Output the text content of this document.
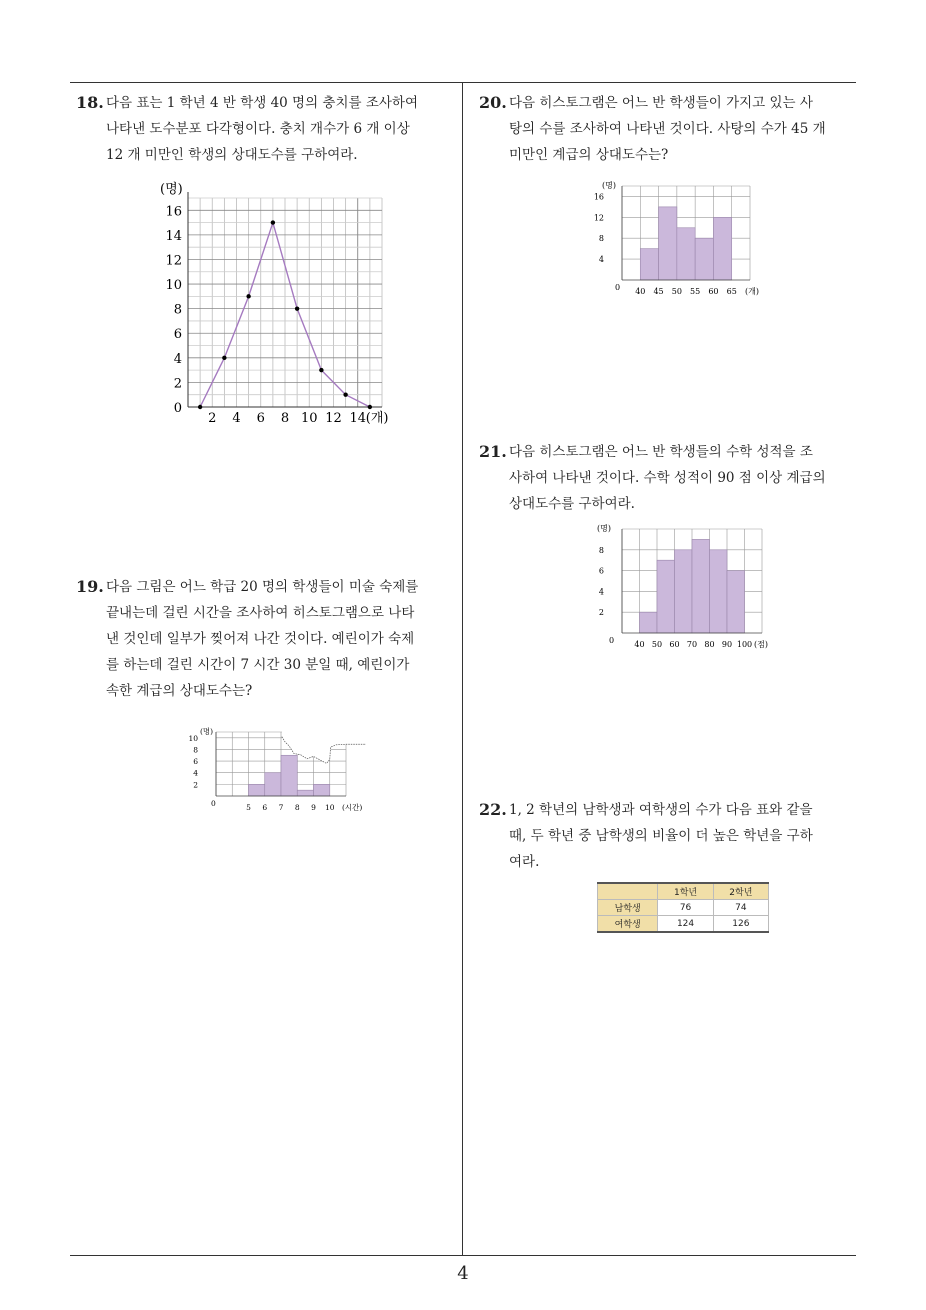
18. 다음 표는 1 학년 4 반 학생 40 명의 충치를 조사하여
나타낸 도수분포 다각형이다. 충치 개수가 6 개 이상
12 개 미만인 학생의 상대도수를 구하여라.
0
2
4
6
8
10
12
14
16
2 4 6 8 10 12 14
(명)
(개)
19. 다음 그림은 어느 학급 20 명의 학생들이 미술 숙제를
끝내는데 걸린 시간을 조사하여 히스토그램으로 나타
낸 것인데 일부가 찢어져 나간 것이다. 예린이가 숙제
를 하는데 걸린 시간이 7 시간 30 분일 때, 예린이가
속한 계급의 상대도수는?
2
4
6
8
10
0	5 6 7 8 9 10
(명)
(시간)
20. 다음 히스토그램은 어느 반 학생들이 가지고 있는 사
탕의 수를 조사하여 나타낸 것이다. 사탕의 수가 45 개
미만인 계급의 상대도수는?
4
8
12
16
0 40 45 50 55 60 65
(명)
(개)
21. 다음 히스토그램은 어느 반 학생들의 수학 성적을 조
사하여 나타낸 것이다. 수학 성적이 90 점 이상 계급의
상대도수를 구하여라.
2
4
6
8
0	40 50 60 70 80 90 100
(명)
(점)
22. 1, 2 학년의 남학생과 여학생의 수가 다음 표와 같을
때, 두 학년 중 남학생의 비율이 더 높은 학년을 구하
여라.
	1학년	2학년
남학생	76	74
여학생	124	126
4
